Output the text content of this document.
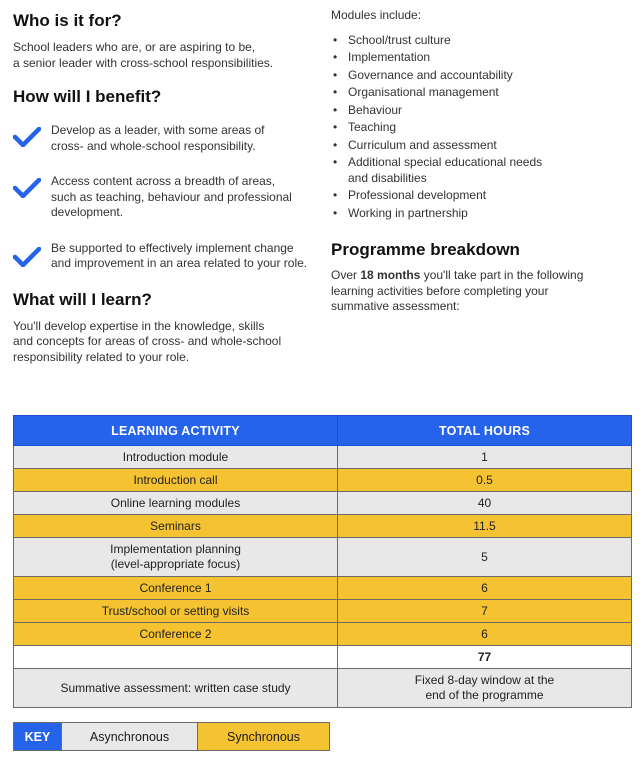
Who is it for?

School leaders who are, or are aspiring to be,
a senior leader with cross-school responsibilities.

How will I benefit?

Develop as a leader, with some areas of
cross- and whole-school responsibility.

Access content across a breadth of areas,
such as teaching, behaviour and professional
development.

Be supported to effectively implement change
and improvement in an area related to your role.

What will I learn?

You'll develop expertise in the knowledge, skills
and concepts for areas of cross- and whole-school
responsibility related to your role.

Modules include:

• School/trust culture
• Implementation
• Governance and accountability
• Organisational management
• Behaviour
• Teaching
• Curriculum and assessment
• Additional special educational needs
and disabilities
• Professional development
• Working in partnership
Programme breakdown

Over 18 months you'll take part in the following
learning activities before completing your
summative assessment:

LEARNING ACTIVITY	TOTAL HOURS
Introduction module	1
Introduction call	0.5
Online learning modules	40
Seminars	11.5
Implementation planning
(level-appropriate focus)	5
Conference 1	6
Trust/school or setting visits	7
Conference 2	6
	77
Summative assessment: written case study	Fixed 8-day window at the
end of the programme
KEY	Asynchronous	Synchronous
